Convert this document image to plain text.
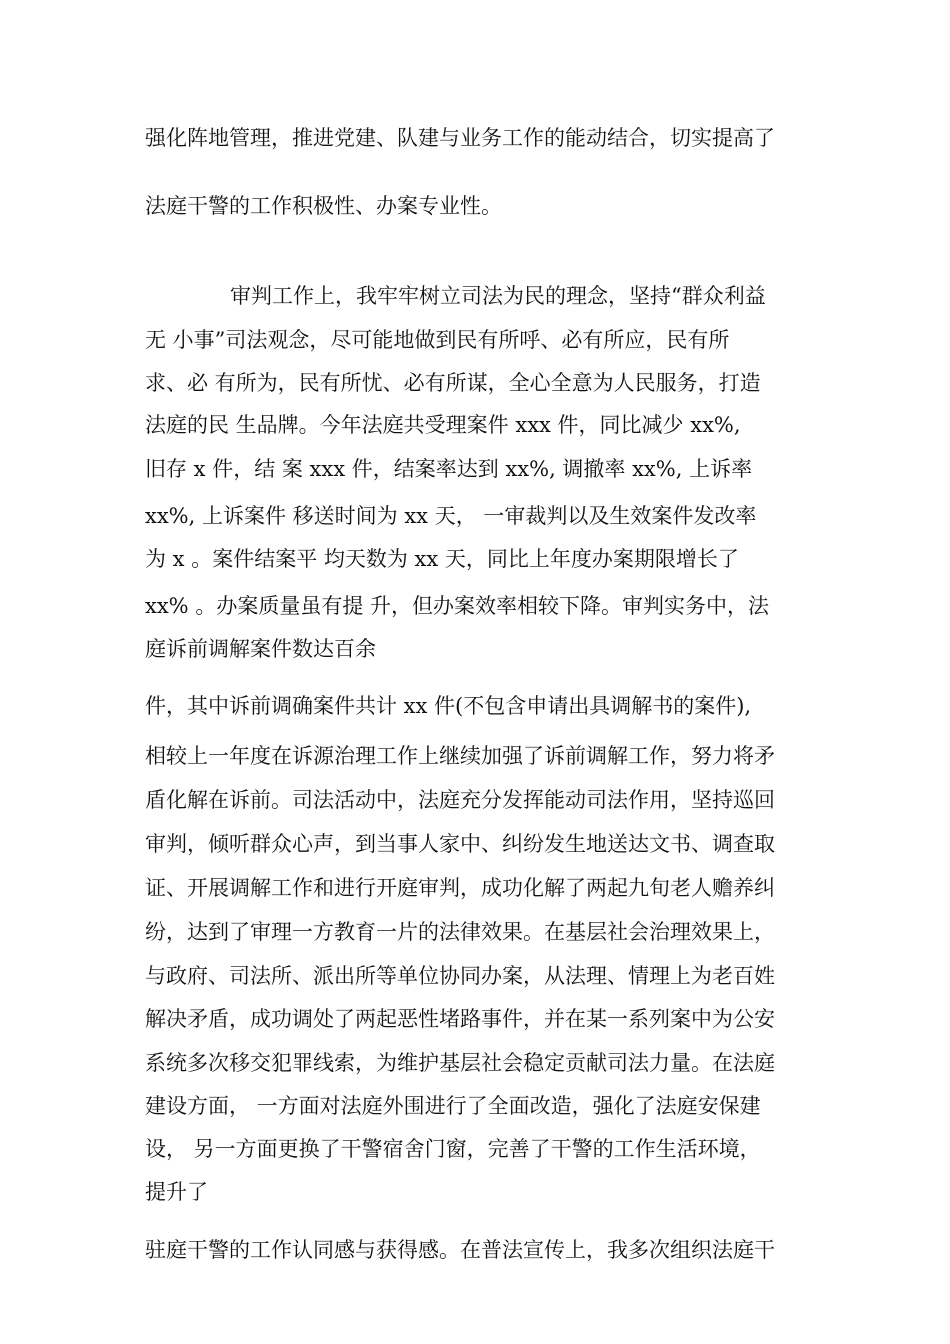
强化阵地管理，推进党建、队建与业务工作的能动结合，切实提高了
法庭干警的工作积极性、办案专业性。
审判工作上，我牢牢树立司法为民的理念，坚持“群众利益
无 小事”司法观念，尽可能地做到民有所呼、必有所应，民有所
求、必 有所为，民有所忧、必有所谋，全心全意为人民服务，打造
法庭的民 生品牌。今年法庭共受理案件 xxx 件，同比减少 xx%,
旧存 x 件，结 案 xxx 件，结案率达到 xx%, 调撤率 xx%, 上诉率
xx%, 上诉案件 移送时间为 xx 天， 一审裁判以及生效案件发改率
为 x 。案件结案平 均天数为 xx 天，同比上年度办案期限增长了
xx% 。办案质量虽有提 升，但办案效率相较下降。审判实务中，法
庭诉前调解案件数达百余
件，其中诉前调确案件共计 xx 件(不包含申请出具调解书的案件),
相较上一年度在诉源治理工作上继续加强了诉前调解工作，努力将矛
盾化解在诉前。司法活动中，法庭充分发挥能动司法作用，坚持巡回
审判，倾听群众心声，到当事人家中、纠纷发生地送达文书、调查取
证、开展调解工作和进行开庭审判，成功化解了两起九旬老人赡养纠
纷，达到了审理一方教育一片的法律效果。在基层社会治理效果上，
与政府、司法所、派出所等单位协同办案，从法理、情理上为老百姓
解决矛盾，成功调处了两起恶性堵路事件，并在某一系列案中为公安
系统多次移交犯罪线索，为维护基层社会稳定贡献司法力量。在法庭
建设方面， 一方面对法庭外围进行了全面改造，强化了法庭安保建
设， 另一方面更换了干警宿舍门窗，完善了干警的工作生活环境，
提升了
驻庭干警的工作认同感与获得感。在普法宣传上，我多次组织法庭干
